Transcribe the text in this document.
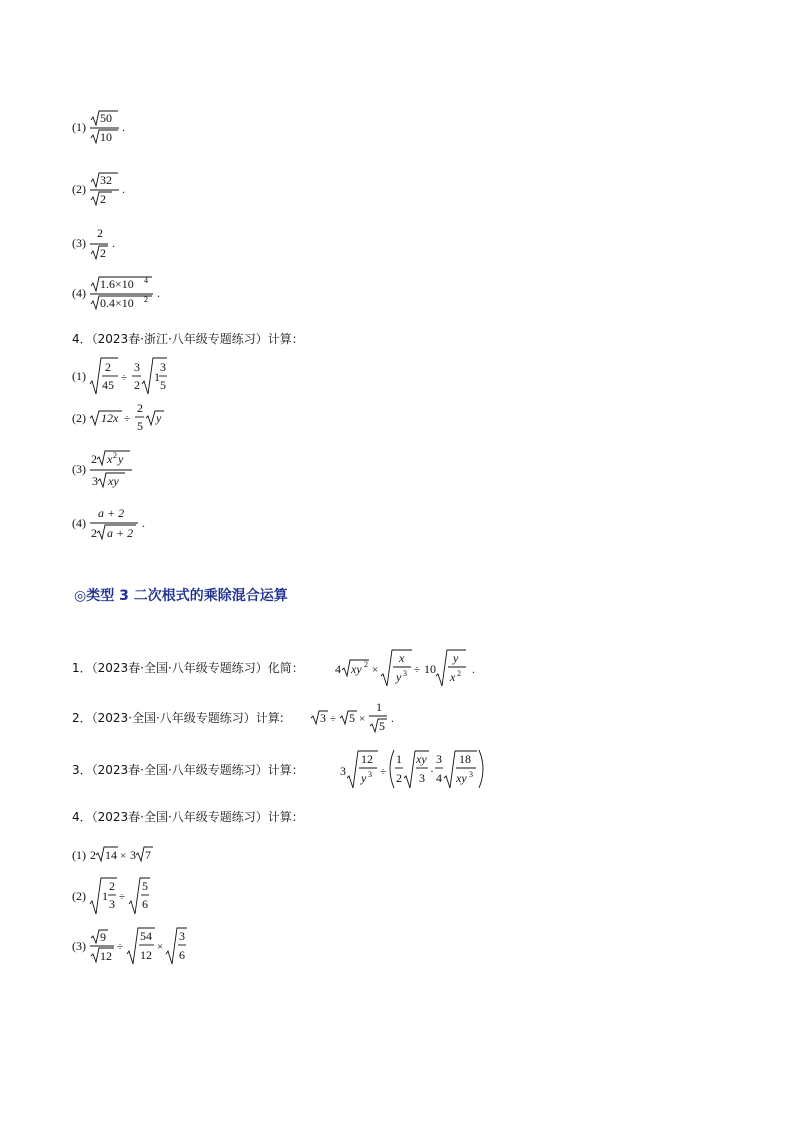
(1)
50
10
.
(2)
32
2
.
(3)
2
2
.
(4)
1.6×10 4
0.4×10 2 .
4．（2023春·浙江·八年级专题练习）计算：
(1)
2
45 ÷
3
2
1
3
5
(2) 12x ÷
2
5
y
(3)
2 x 2 y
3 xy
(4)
a + 2
2 a + 2
.
◎类型 3 二次根式的乘除混合运算
1．（2023春·全国·八年级专题练习）化简：	4 xy 2 ×
x
y 3 ÷ 10
y
x 2 .
2．（2023·全国·八年级专题练习）计算:	3 ÷ 5 ×
1
5
.
3．（2023春·全国·八年级专题练习）计算：	3
12
y 3 ÷
1
2
xy
3 ·
3
4
18
xy 3
4．（2023春·全国·八年级专题练习）计算：
(1) 2 14 × 3 7
(2) 1
2
3 ÷
5
6
(3)
9
12
÷
54
12
×
3
6
